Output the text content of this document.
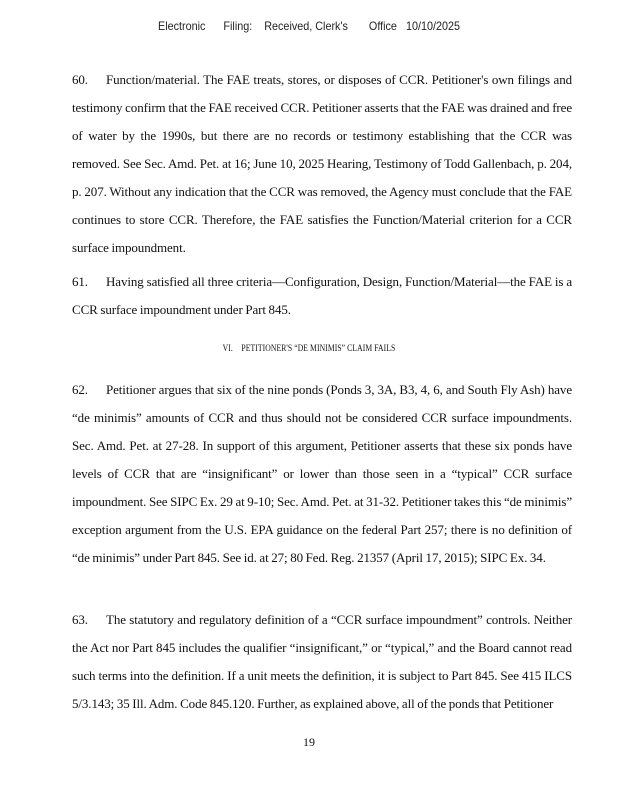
Electronic      Filing:    Received, Clerk's       Office   10/10/2025
60. Function/material. The FAE treats, stores, or disposes of CCR. Petitioner's own filings and testimony confirm that the FAE received CCR. Petitioner asserts that the FAE was drained and free of water by the 1990s, but there are no records or testimony establishing that the CCR was removed. See Sec. Amd. Pet. at 16; June 10, 2025 Hearing, Testimony of Todd Gallenbach, p. 204, p. 207. Without any indication that the CCR was removed, the Agency must conclude that the FAE continues to store CCR. Therefore, the FAE satisfies the Function/Material criterion for a CCR surface impoundment.
61. Having satisfied all three criteria—Configuration, Design, Function/Material—the FAE is a CCR surface impoundment under Part 845.
VI. PETITIONER'S “DE MINIMIS” CLAIM FAILS
62. Petitioner argues that six of the nine ponds (Ponds 3, 3A, B3, 4, 6, and South Fly Ash) have “de minimis” amounts of CCR and thus should not be considered CCR surface impoundments. Sec. Amd. Pet. at 27-28. In support of this argument, Petitioner asserts that these six ponds have levels of CCR that are “insignificant” or lower than those seen in a “typical” CCR surface impoundment. See SIPC Ex. 29 at 9-10; Sec. Amd. Pet. at 31-32. Petitioner takes this “de minimis” exception argument from the U.S. EPA guidance on the federal Part 257; there is no definition of “de minimis” under Part 845. See id. at 27; 80 Fed. Reg. 21357 (April 17, 2015); SIPC Ex. 34.
63. The statutory and regulatory definition of a “CCR surface impoundment” controls. Neither the Act nor Part 845 includes the qualifier “insignificant,” or “typical,” and the Board cannot read such terms into the definition. If a unit meets the definition, it is subject to Part 845. See 415 ILCS 5/3.143; 35 Ill. Adm. Code 845.120. Further, as explained above, all of the ponds that Petitioner
19
